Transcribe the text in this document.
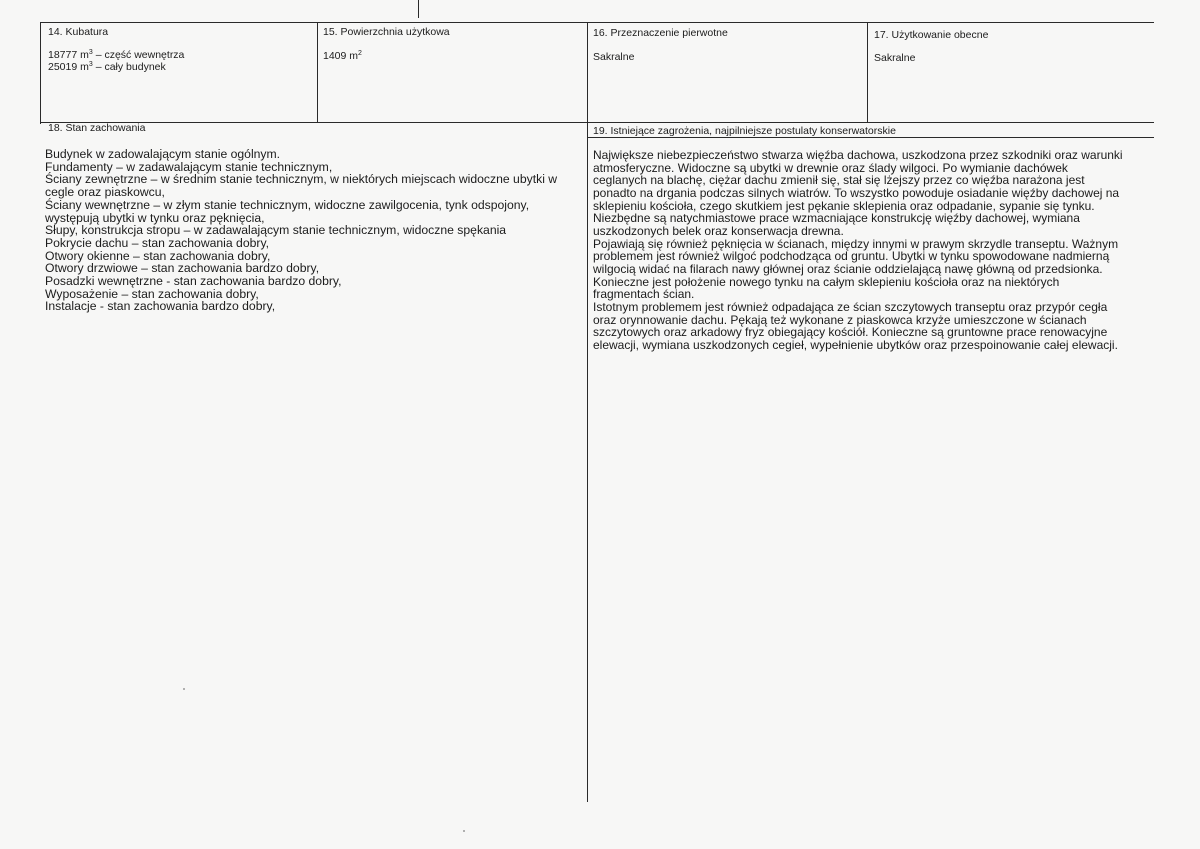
14. Kubatura
18777 $m^3$ – część wewnętrza
25019 $m^3$ – cały budynek
15. Powierzchnia użytkowa
1409 $m^2$
16. Przeznaczenie pierwotne
Sakralne
17. Użytkowanie obecne
Sakralne
18. Stan zachowania
Budynek w zadowalającym stanie ogólnym.
Fundamenty – w zadawalającym stanie technicznym,
Ściany zewnętrzne – w średnim stanie technicznym, w niektórych miejscach widoczne ubytki w
cegle oraz piaskowcu,
Ściany wewnętrzne – w złym stanie technicznym, widoczne zawilgocenia, tynk odspojony,
występują ubytki w tynku oraz pęknięcia,
Słupy, konstrukcja stropu – w zadawalającym stanie technicznym, widoczne spękania
Pokrycie dachu – stan zachowania dobry,
Otwory okienne – stan zachowania dobry,
Otwory drzwiowe – stan zachowania bardzo dobry,
Posadzki wewnętrzne - stan zachowania bardzo dobry,
Wyposażenie – stan zachowania dobry,
Instalacje - stan zachowania bardzo dobry,
19. Istniejące zagrożenia, najpilniejsze postulaty konserwatorskie
Największe niebezpieczeństwo stwarza więźba dachowa, uszkodzona przez szkodniki oraz warunki
atmosferyczne. Widoczne są ubytki w drewnie oraz ślady wilgoci. Po wymianie dachówek
ceglanych na blachę, ciężar dachu zmienił się, stał się lżejszy przez co więźba narażona jest
ponadto na drgania podczas silnych wiatrów. To wszystko powoduje osiadanie więźby dachowej na
sklepieniu kościoła, czego skutkiem jest pękanie sklepienia oraz odpadanie, sypanie się tynku.
Niezbędne są natychmiastowe prace wzmacniające konstrukcję więźby dachowej, wymiana
uszkodzonych belek oraz konserwacja drewna.
Pojawiają się również pęknięcia w ścianach, między innymi w prawym skrzydle transeptu. Ważnym
problemem jest również wilgoć podchodząca od gruntu. Ubytki w tynku spowodowane nadmierną
wilgocią widać na filarach nawy głównej oraz ścianie oddzielającą nawę główną od przedsionka.
Konieczne jest położenie nowego tynku na całym sklepieniu kościoła oraz na niektórych
fragmentach ścian.
Istotnym problemem jest również odpadająca ze ścian szczytowych transeptu oraz przypór cegła
oraz orynnowanie dachu. Pękają też wykonane z piaskowca krzyże umieszczone w ścianach
szczytowych oraz arkadowy fryz obiegający kościół. Konieczne są gruntowne prace renowacyjne
elewacji, wymiana uszkodzonych cegieł, wypełnienie ubytków oraz przespoinowanie całej elewacji.
